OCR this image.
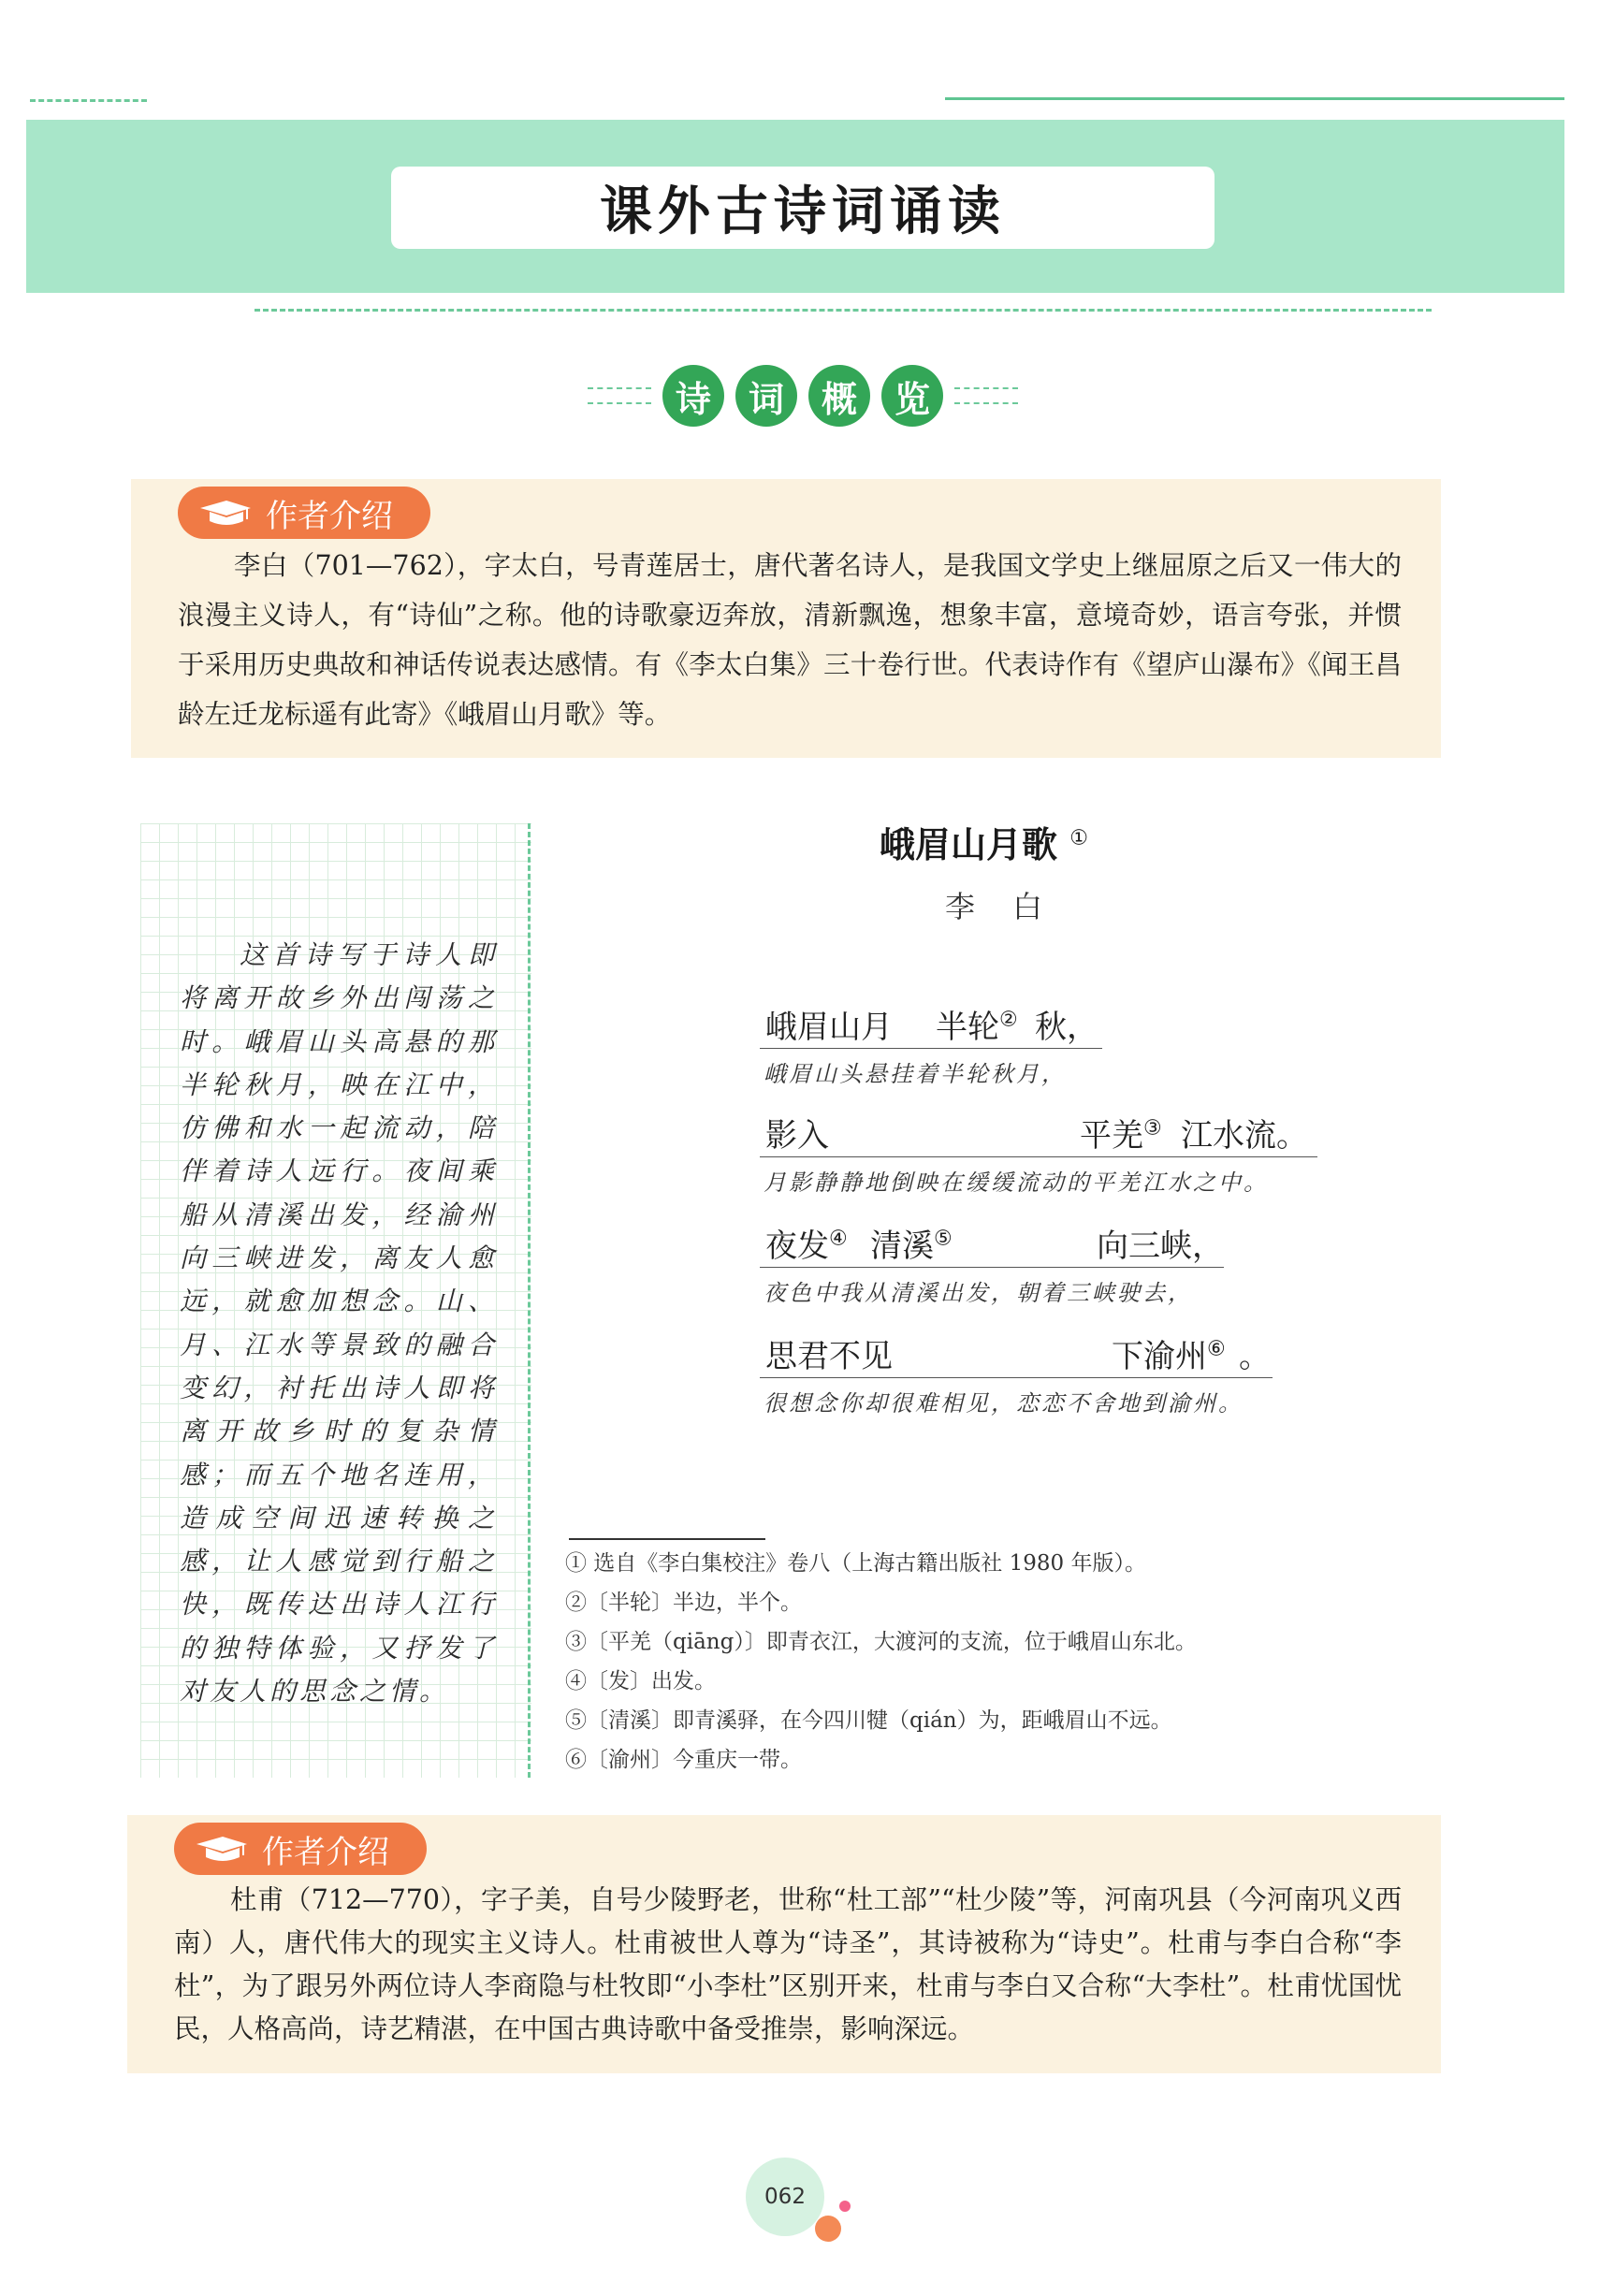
课外古诗词诵读
诗	词	概	览
作者介绍
李白（701—762），字太白，号青莲居士，唐代著名诗人，是我国文学史上继屈原之后又一伟大的浪漫主义诗人，有“诗仙”之称。他的诗歌豪迈奔放，清新飘逸，想象丰富，意境奇妙，语言夸张，并惯于采用历史典故和神话传说表达感情。有《李太白集》三十卷行世。代表诗作有《望庐山瀑布》《闻王昌龄左迁龙标遥有此寄》《峨眉山月歌》等。
这首诗写于诗人即将离开故乡外出闯荡之时。峨眉山头高悬的那半轮秋月，映在江中，仿佛和水一起流动，陪伴着诗人远行。夜间乘船从清溪出发，经渝州向三峡进发，离友人愈远，就愈加想念。山、月、江水等景致的融合变幻，衬托出诗人即将离开故乡时的复杂情感；而五个地名连用，造成空间迅速转换之感，让人感觉到行船之快，既传达出诗人江行的独特体验，又抒发了对友人的思念之情。
峨眉山月歌 ①
李白
峨眉山月 半轮② 秋，
峨眉山头悬挂着半轮秋月，
影入	平羌③ 江水流。
月影静静地倒映在缓缓流动的平羌江水之中。
夜发④ 清溪⑤	向三峡，
夜色中我从清溪出发，朝着三峡驶去，
思君不见	下渝州⑥ 。
很想念你却很难相见，恋恋不舍地到渝州。
① 选自《李白集校注》卷八（上海古籍出版社 1980 年版）。
②〔半轮〕半边，半个。
③〔平羌（qiāng）〕即青衣江，大渡河的支流，位于峨眉山东北。
④〔发〕出发。
⑤〔清溪〕即青溪驿，在今四川犍（qián）为，距峨眉山不远。
⑥〔渝州〕今重庆一带。
作者介绍
杜甫（712—770），字子美，自号少陵野老，世称“杜工部”“杜少陵”等，河南巩县（今河南巩义西南）人，唐代伟大的现实主义诗人。杜甫被世人尊为“诗圣”，其诗被称为“诗史”。杜甫与李白合称“李杜”，为了跟另外两位诗人李商隐与杜牧即“小李杜”区别开来，杜甫与李白又合称“大李杜”。杜甫忧国忧民，人格高尚，诗艺精湛，在中国古典诗歌中备受推崇，影响深远。
062
